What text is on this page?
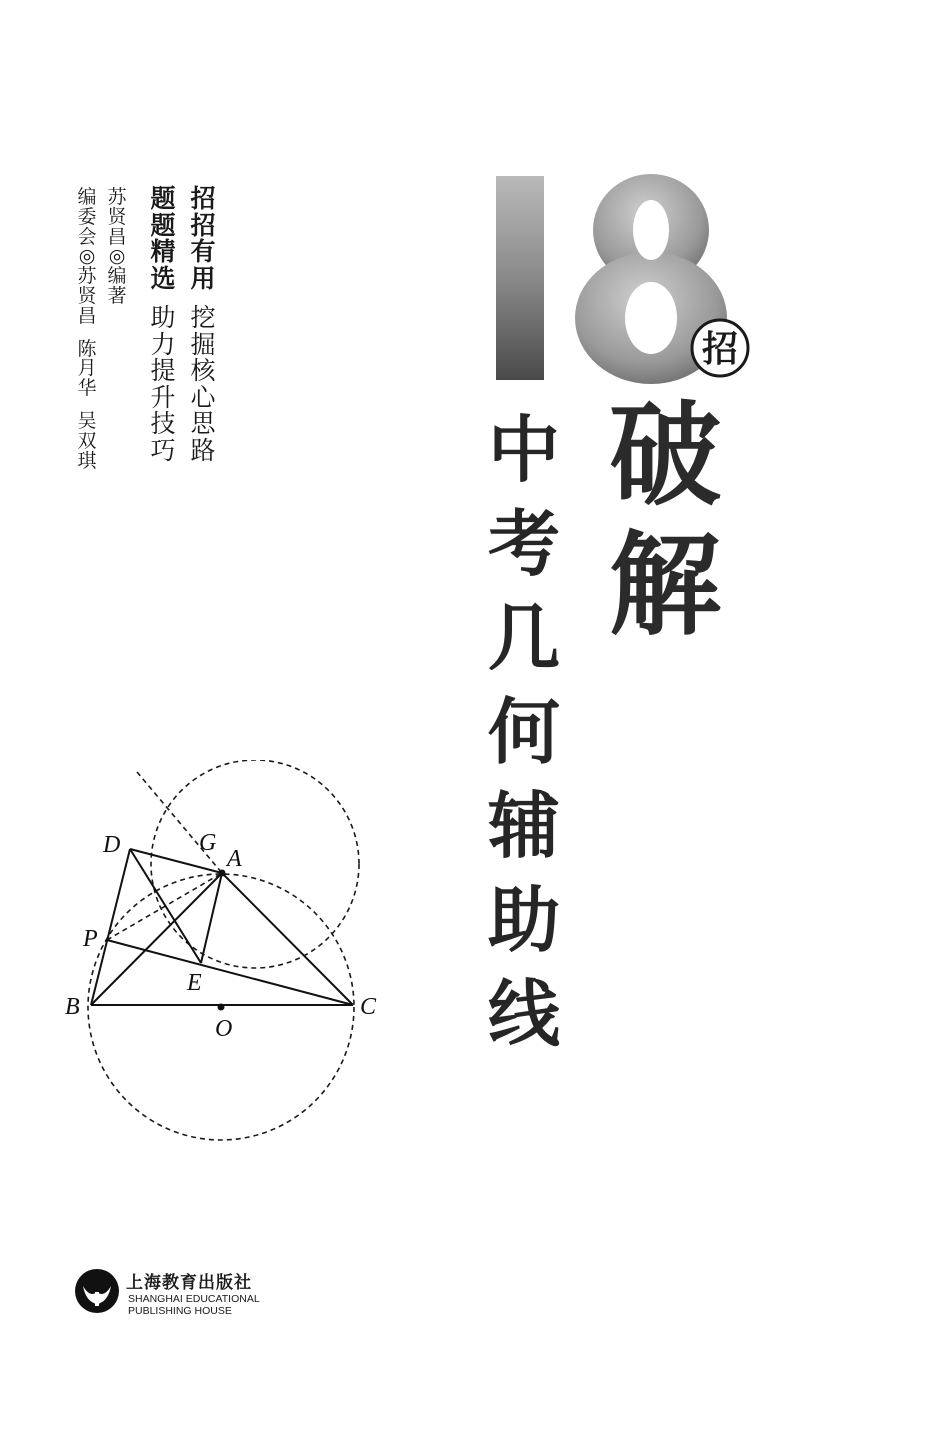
招
招
有
用
挖
掘
核
心
思
路
题
题
精
选
助
力
提
升
技
巧
苏
贤
昌
◎
编
著
编
委
会
◎
苏
贤
昌
陈
月
华
吴
双
琪
招
破
解
中
考
几
何
辅
助
线
D	G
A
P
E
B
O
C
上海教育出版社
SHANGHAI EDUCATIONAL
PUBLISHING HOUSE
